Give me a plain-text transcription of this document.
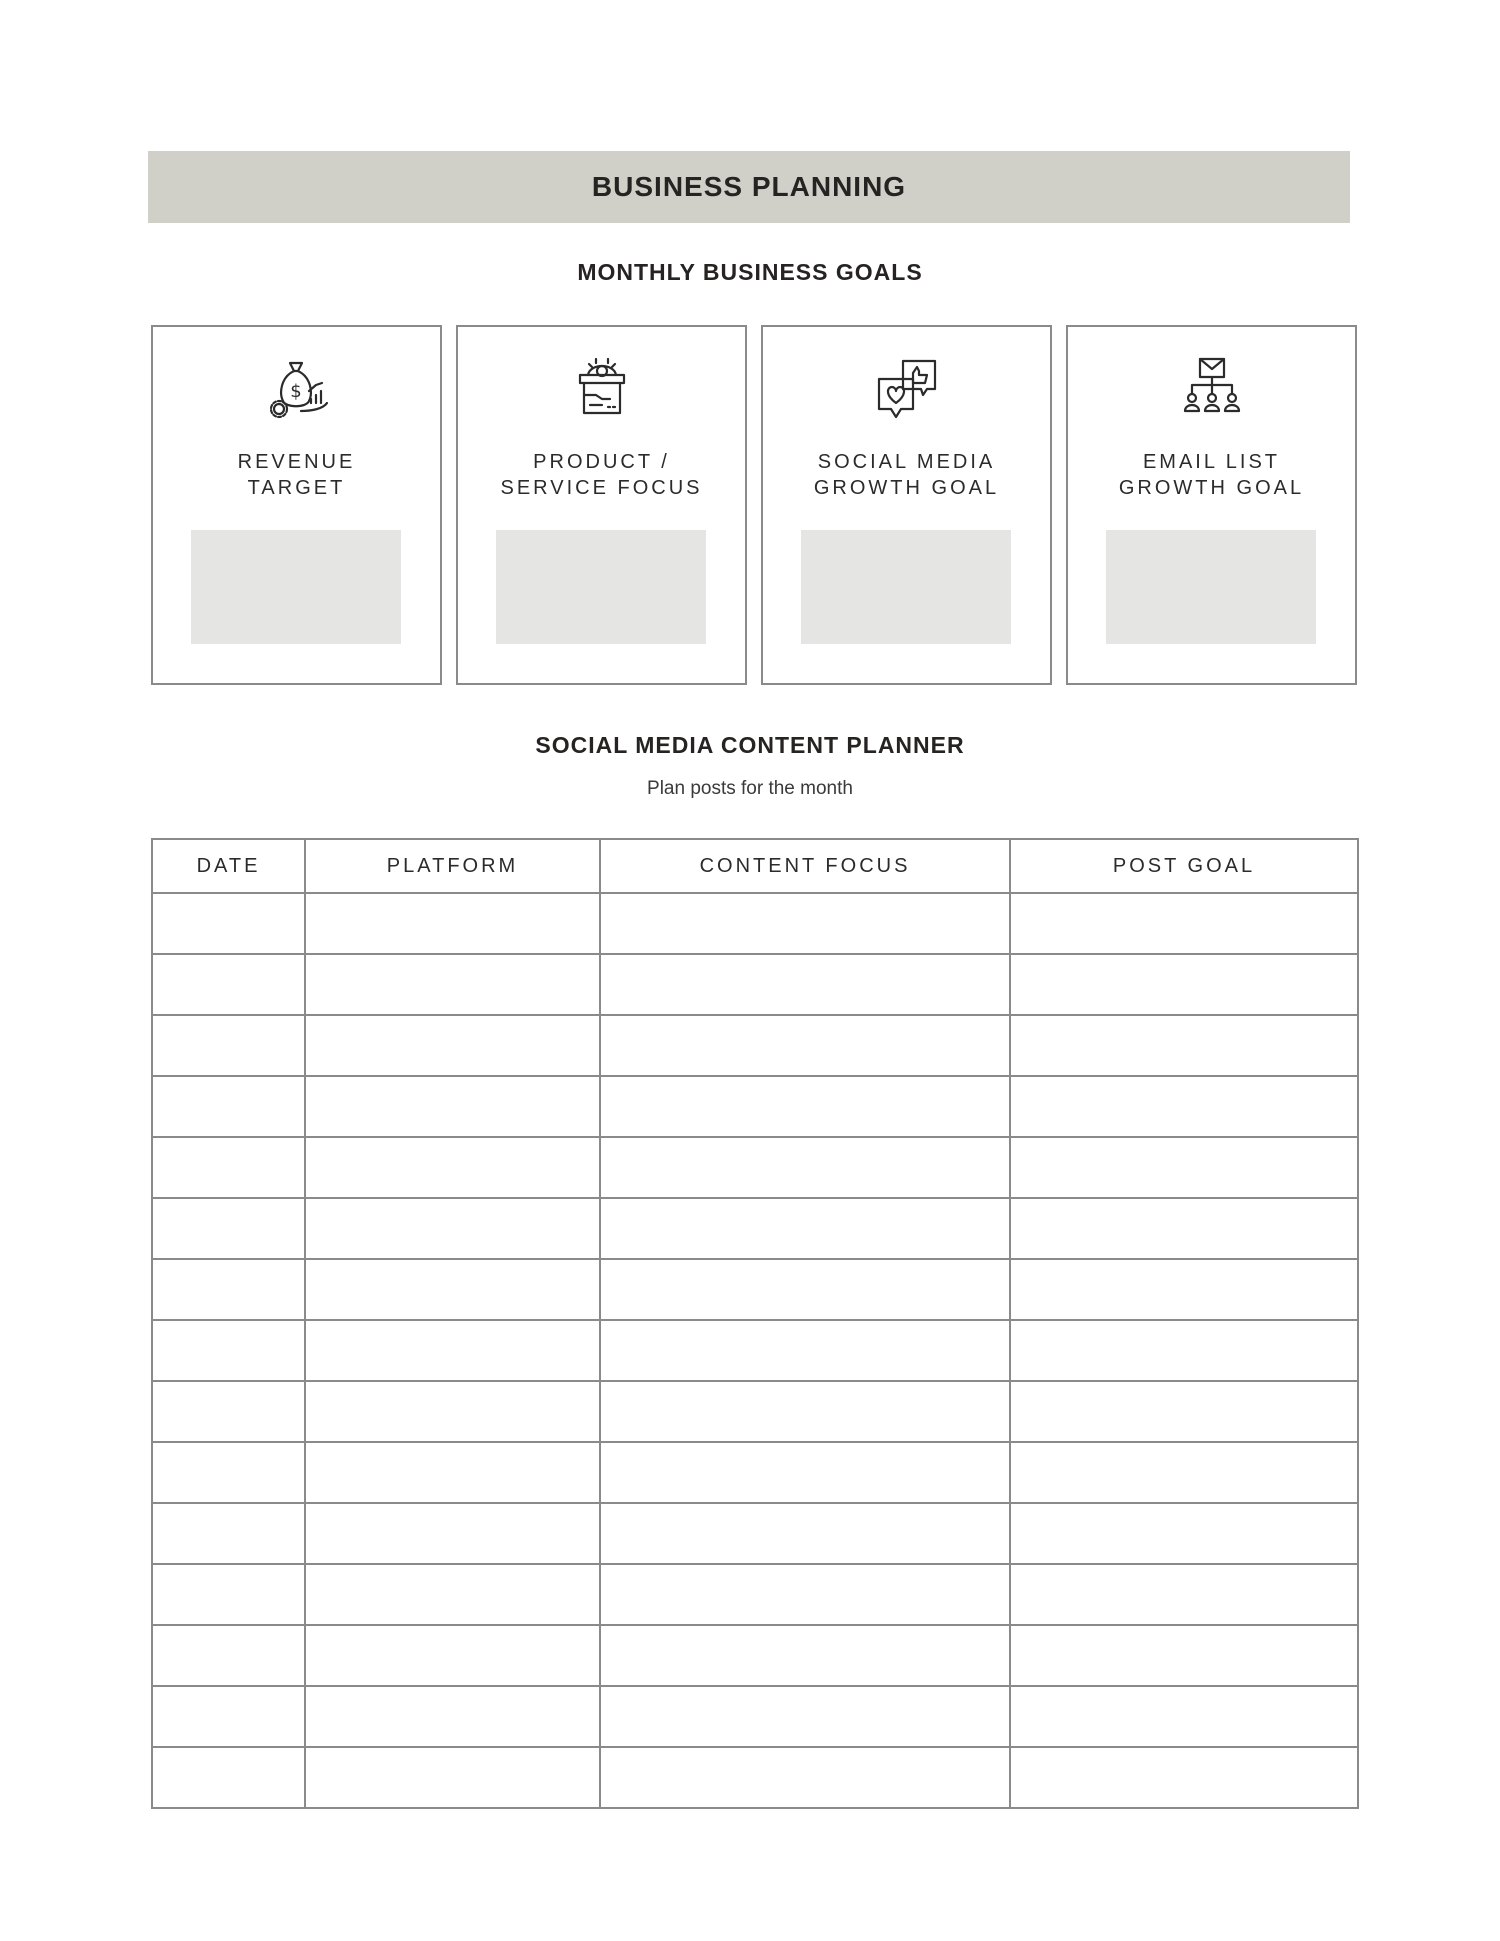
BUSINESS PLANNING
MONTHLY BUSINESS GOALS
$
REVENUE
TARGET
PRODUCT /
SERVICE FOCUS
SOCIAL MEDIA
GROWTH GOAL
EMAIL LIST
GROWTH GOAL
SOCIAL MEDIA CONTENT PLANNER
Plan posts for the month
DATE	PLATFORM	CONTENT FOCUS	POST GOAL
